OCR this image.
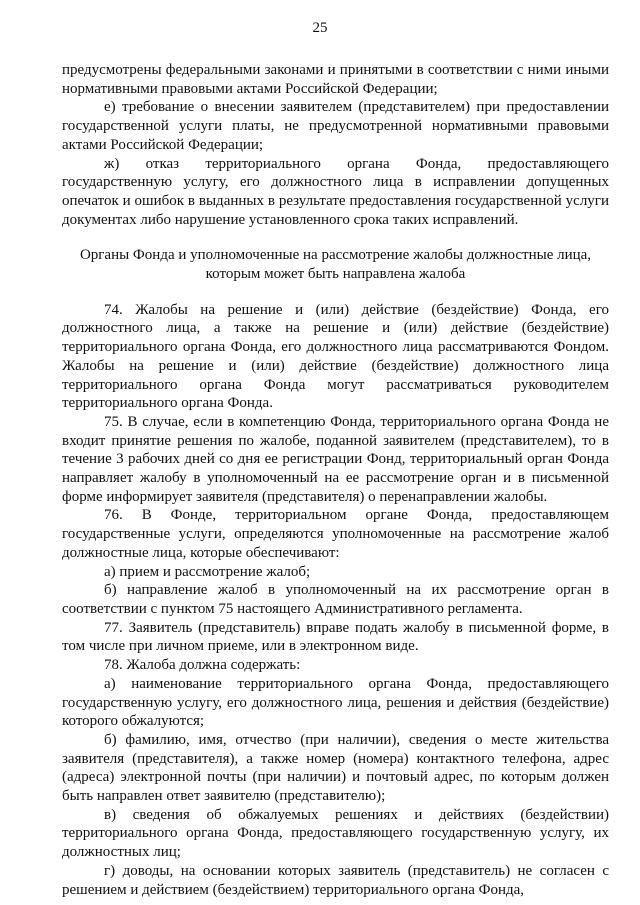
25

предусмотрены федеральными законами и принятыми в соответствии с ними иными нормативными правовыми актами Российской Федерации;

е) требование о внесении заявителем (представителем) при предоставлении государственной услуги платы, не предусмотренной нормативными правовыми актами Российской Федерации;

ж) отказ территориального органа Фонда, предоставляющего государственную услугу, его должностного лица в исправлении допущенных опечаток и ошибок в выданных в результате предоставления государственной услуги документах либо нарушение установленного срока таких исправлений.

Органы Фонда и уполномоченные на рассмотрение жалобы должностные лица, которым может быть направлена жалоба

74. Жалобы на решение и (или) действие (бездействие) Фонда, его должностного лица, а также на решение и (или) действие (бездействие) территориального органа Фонда, его должностного лица рассматриваются Фондом. Жалобы на решение и (или) действие (бездействие) должностного лица территориального органа Фонда могут рассматриваться руководителем территориального органа Фонда.

75. В случае, если в компетенцию Фонда, территориального органа Фонда не входит принятие решения по жалобе, поданной заявителем (представителем), то в течение 3 рабочих дней со дня ее регистрации Фонд, территориальный орган Фонда направляет жалобу в уполномоченный на ее рассмотрение орган и в письменной форме информирует заявителя (представителя) о перенаправлении жалобы.

76. В Фонде, территориальном органе Фонда, предоставляющем государственные услуги, определяются уполномоченные на рассмотрение жалоб должностные лица, которые обеспечивают:

а) прием и рассмотрение жалоб;

б) направление жалоб в уполномоченный на их рассмотрение орган в соответствии с пунктом 75 настоящего Административного регламента.

77. Заявитель (представитель) вправе подать жалобу в письменной форме, в том числе при личном приеме, или в электронном виде.

78. Жалоба должна содержать:

а) наименование территориального органа Фонда, предоставляющего государственную услугу, его должностного лица, решения и действия (бездействие) которого обжалуются;

б) фамилию, имя, отчество (при наличии), сведения о месте жительства заявителя (представителя), а также номер (номера) контактного телефона, адрес (адреса) электронной почты (при наличии) и почтовый адрес, по которым должен быть направлен ответ заявителю (представителю);

в) сведения об обжалуемых решениях и действиях (бездействии) территориального органа Фонда, предоставляющего государственную услугу, их должностных лиц;

г) доводы, на основании которых заявитель (представитель) не согласен с решением и действием (бездействием) территориального органа Фонда,
